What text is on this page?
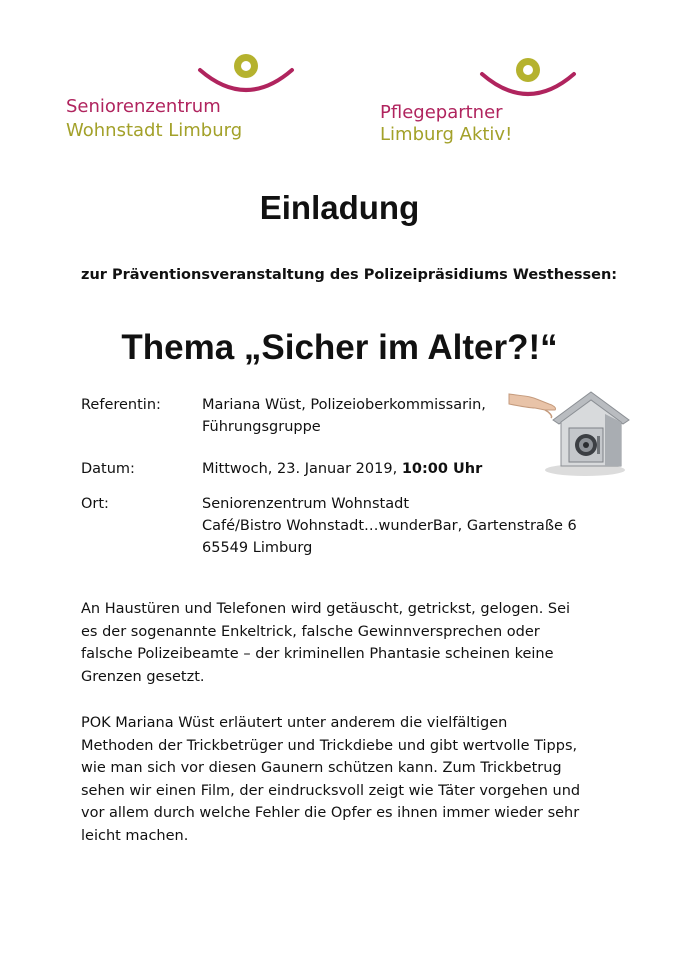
Seniorenzentrum
Wohnstadt Limburg
Pflegepartner
Limburg Aktiv!
Einladung
zur Präventionsveranstaltung des Polizeipräsidiums Westhessen:
Thema „Sicher im Alter?!“
Referentin:	Mariana Wüst, Polizeioberkommissarin,
Führungsgruppe
Datum:	Mittwoch, 23. Januar 2019, 10:00 Uhr
Ort:	Seniorenzentrum Wohnstadt
Café/Bistro Wohnstadt…wunderBar, Gartenstraße 6
65549 Limburg

An Haustüren und Telefonen wird getäuscht, getrickst, gelogen. Sei

es der sogenannte Enkeltrick, falsche Gewinnversprechen oder

falsche Polizeibeamte – der kriminellen Phantasie scheinen keine

Grenzen gesetzt.

POK Mariana Wüst erläutert unter anderem die vielfältigen

Methoden der Trickbetrüger und Trickdiebe und gibt wertvolle Tipps,

wie man sich vor diesen Gaunern schützen kann. Zum Trickbetrug

sehen wir einen Film, der eindrucksvoll zeigt wie Täter vorgehen und

vor allem durch welche Fehler die Opfer es ihnen immer wieder sehr

leicht machen.
